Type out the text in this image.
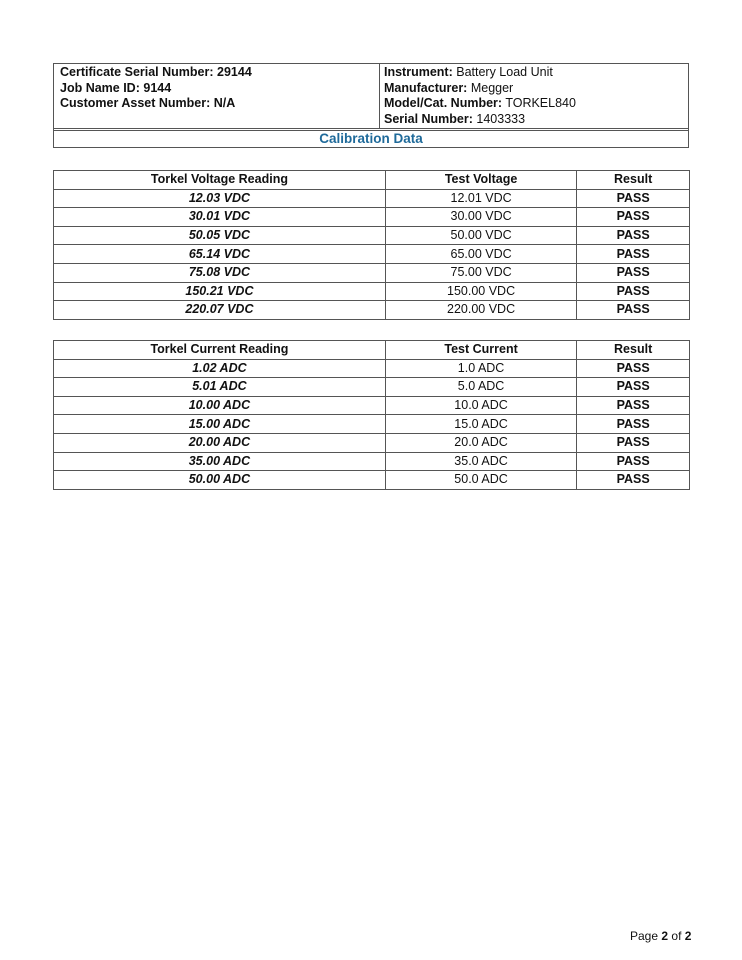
Certificate Serial Number: 29144
Job Name ID: 9144
Customer Asset Number: N/A
Instrument: Battery Load Unit
Manufacturer: Megger
Model/Cat. Number: TORKEL840
Serial Number: 1403333
Calibration Data
Torkel Voltage Reading	Test Voltage	Result
12.03 VDC	12.01 VDC	PASS
30.01 VDC	30.00 VDC	PASS
50.05 VDC	50.00 VDC	PASS
65.14 VDC	65.00 VDC	PASS
75.08 VDC	75.00 VDC	PASS
150.21 VDC	150.00 VDC	PASS
220.07 VDC	220.00 VDC	PASS
Torkel Current Reading	Test Current	Result
1.02 ADC	1.0 ADC	PASS
5.01 ADC	5.0 ADC	PASS
10.00 ADC	10.0 ADC	PASS
15.00 ADC	15.0 ADC	PASS
20.00 ADC	20.0 ADC	PASS
35.00 ADC	35.0 ADC	PASS
50.00 ADC	50.0 ADC	PASS
Page 2 of 2
